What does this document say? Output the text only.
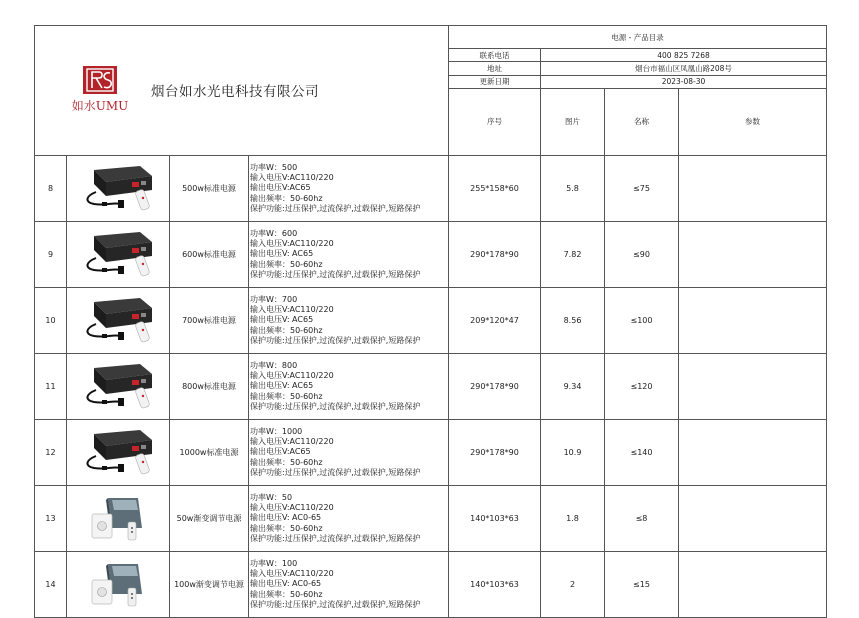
如水UMU
烟台如水光电科技有限公司				电源 - 产品目录				
				联系电话	400 825 7268			
				地址	烟台市福山区凤凰山路208号			
				更新日期	2023-08-30			
				序号	图片	名称	参数				
8		500w标准电源	功率W：500
输入电压V:AC110/220
输出电压V:AC65
输出频率：50-60hz
保护功能:过压保护,过流保护,过载保护,短路保护	255*158*60	5.8	≤75		
9		600w标准电源	功率W：600
输入电压V:AC110/220
输出电压V: AC65
输出频率：50-60hz
保护功能:过压保护,过流保护,过载保护,短路保护	290*178*90	7.82	≤90		
10		700w标准电源	功率W：700
输入电压V:AC110/220
输出电压V: AC65
输出频率：50-60hz
保护功能:过压保护,过流保护,过载保护,短路保护	209*120*47	8.56	≤100		
11		800w标准电源	功率W：800
输入电压V:AC110/220
输出电压V: AC65
输出频率：50-60hz
保护功能:过压保护,过流保护,过载保护,短路保护	290*178*90	9.34	≤120		
12		1000w标准电源	功率W：1000
输入电压V:AC110/220
输出电压V:AC65
输出频率：50-60hz
保护功能:过压保护,过流保护,过载保护,短路保护	290*178*90	10.9	≤140		
13		50w渐变调节电源	功率W：50
输入电压V:AC110/220
输出电压V: AC0-65
输出频率：50-60hz
保护功能:过压保护,过流保护,过载保护,短路保护	140*103*63	1.8	≤8		
14		100w渐变调节电源	功率W：100
输入电压V:AC110/220
输出电压V: AC0-65
输出频率：50-60hz
保护功能:过压保护,过流保护,过载保护,短路保护	140*103*63	2	≤15		
